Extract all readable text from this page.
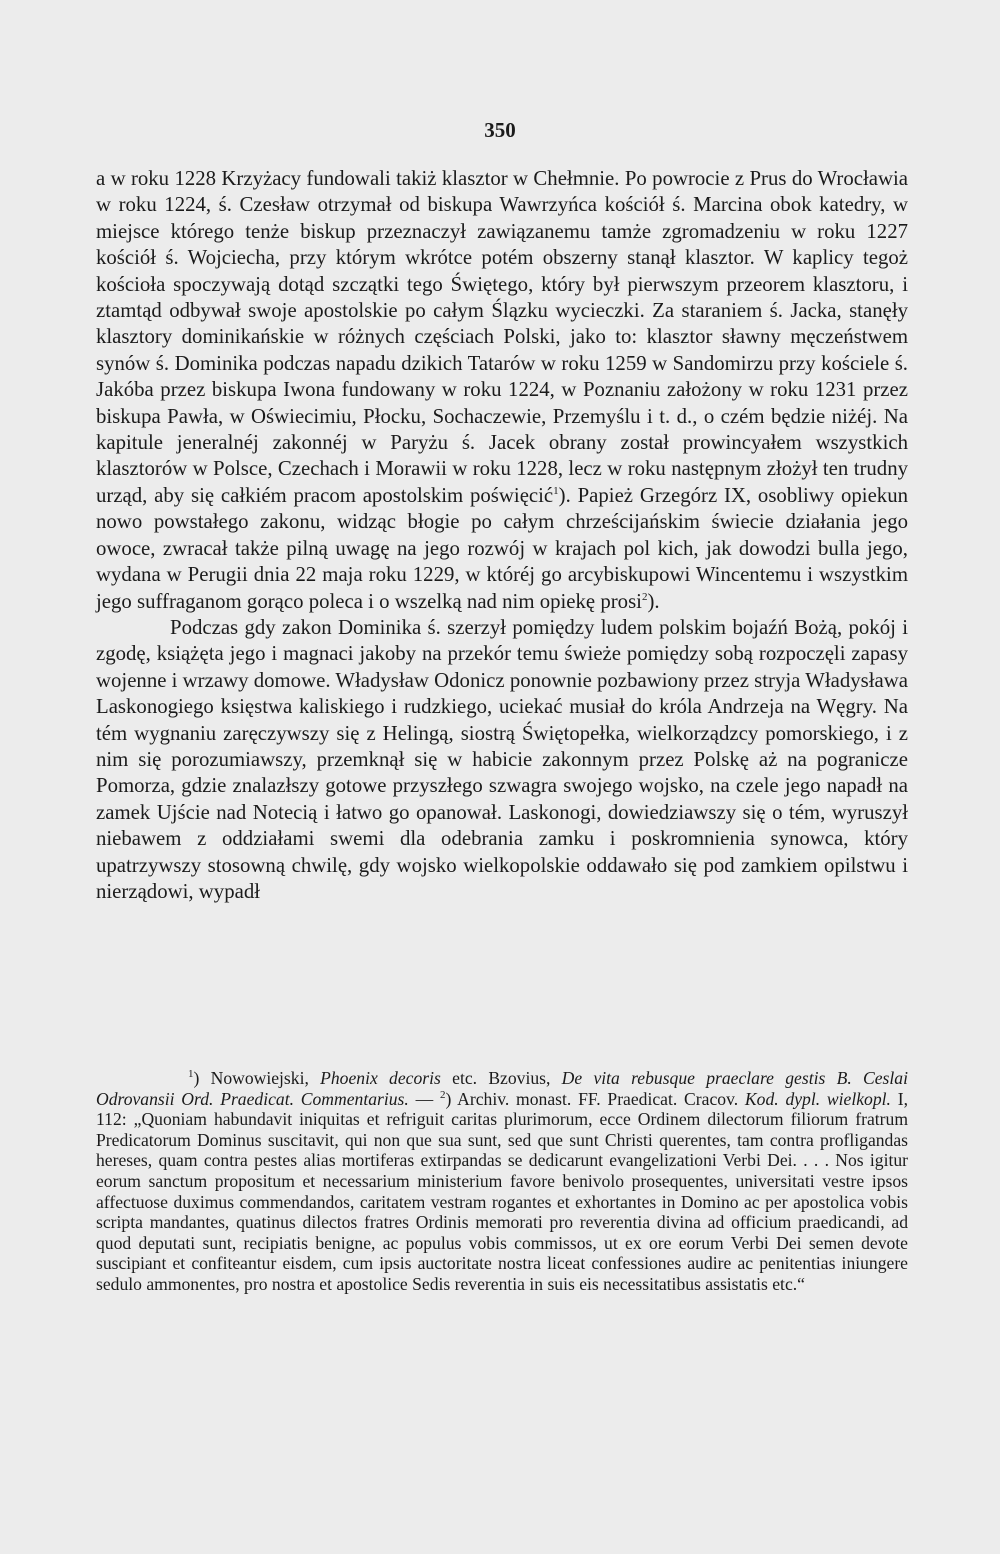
350

a w roku 1228 Krzyżacy fundowali takiż klasztor w Chełmnie. Po powrocie z Prus do Wrocławia w roku 1224, ś. Czesław otrzymał od biskupa Wawrzyńca kościół ś. Marcina obok katedry, w miejsce którego tenże biskup przeznaczył zawiązanemu tamże zgromadzeniu w roku 1227 kościół ś. Wojciecha, przy którym wkrótce potém obszerny stanął klasztor. W kaplicy tegoż kościoła spoczywają dotąd szczątki tego Świętego, który był pierwszym przeorem klasztoru, i ztamtąd odbywał swoje apostolskie po całym Ślązku wycieczki. Za staraniem ś. Jacka, stanęły klasztory dominikańskie w różnych częściach Polski, jako to: klasztor sławny męczeństwem synów ś. Dominika podczas napadu dzikich Tatarów w roku 1259 w Sandomirzu przy kościele ś. Jakóba przez biskupa Iwona fundowany w roku 1224, w Poznaniu założony w roku 1231 przez biskupa Pawła, w Oświecimiu, Płocku, Sochaczewie, Przemyślu i t. d., o czém będzie niżéj. Na kapitule jeneralnéj zakonnéj w Paryżu ś. Jacek obrany został prowincyałem wszystkich klasztorów w Polsce, Czechach i Morawii w roku 1228, lecz w roku następnym złożył ten trudny urząd, aby się całkiém pracom apostolskim poświęcić$^1$). Papież Grzegórz IX, osobliwy opiekun nowo powstałego zakonu, widząc błogie po całym chrześcijańskim świecie działania jego owoce, zwracał także pilną uwagę na jego rozwój w krajach pol kich, jak dowodzi bulla jego, wydana w Perugii dnia 22 maja roku 1229, w któréj go arcybiskupowi Wincentemu i wszystkim jego suffraganom gorąco poleca i o wszelką nad nim opiekę prosi$^2$).

Podczas gdy zakon Dominika ś. szerzył pomiędzy ludem polskim bojaźń Bożą, pokój i zgodę, książęta jego i magnaci jakoby na przekór temu świeże pomiędzy sobą rozpoczęli zapasy wojenne i wrzawy domowe. Władysław Odonicz ponownie pozbawiony przez stryja Władysława Laskonogiego księstwa kaliskiego i rudzkiego, uciekać musiał do króla Andrzeja na Węgry. Na tém wygnaniu zaręczywszy się z Helingą, siostrą Świętopełka, wielkorządzcy pomorskiego, i z nim się porozumiawszy, przemknął się w habicie zakonnym przez Polskę aż na pogranicze Pomorza, gdzie znalazłszy gotowe przyszłego szwagra swojego wojsko, na czele jego napadł na zamek Ujście nad Notecią i łatwo go opanował. Laskonogi, dowiedziawszy się o tém, wyruszył niebawem z oddziałami swemi dla odebrania zamku i poskromnienia synowca, który upatrzywszy stosowną chwilę, gdy wojsko wielkopolskie oddawało się pod zamkiem opilstwu i nierządowi, wypadł

$^1$) Nowowiejski, Phoenix decoris etc. Bzovius, De vita rebusque praeclare gestis B. Ceslai Odrovansii Ord. Praedicat. Commentarius. — $^2$) Archiv. monast. FF. Praedicat. Cracov. Kod. dypl. wielkopl. I, 112: „Quoniam habundavit iniquitas et refriguit caritas plurimorum, ecce Ordinem dilectorum filiorum fratrum Predicatorum Dominus suscitavit, qui non que sua sunt, sed que sunt Christi querentes, tam contra profligandas hereses, quam contra pestes alias mortiferas extirpandas se dedicarunt evangelizationi Verbi Dei. . . . Nos igitur eorum sanctum propositum et necessarium ministerium favore benivolo prosequentes, universitati vestre ipsos affectuose duximus commendandos, caritatem vestram rogantes et exhortantes in Domino ac per apostolica vobis scripta mandantes, quatinus dilectos fratres Ordinis memorati pro reverentia divina ad officium praedicandi, ad quod deputati sunt, recipiatis benigne, ac populus vobis commissos, ut ex ore eorum Verbi Dei semen devote suscipiant et confiteantur eisdem, cum ipsis auctoritate nostra liceat confessiones audire ac penitentias iniungere sedulo ammonentes, pro nostra et apostolice Sedis reverentia in suis eis necessitatibus assistatis etc.“
